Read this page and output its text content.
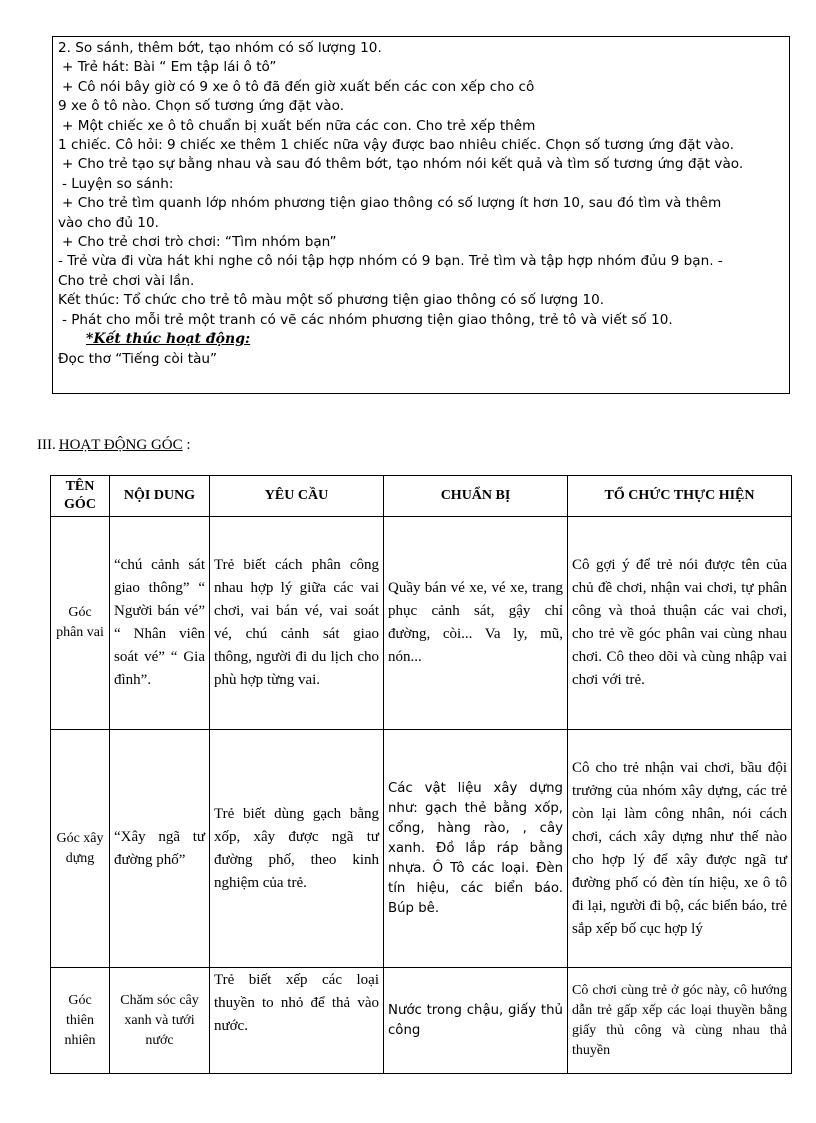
2. So sánh, thêm bớt, tạo nhóm có số lượng 10.
+ Trẻ hát: Bài “ Em tập lái ô tô”
+ Cô nói bây giờ có 9 xe ô tô đã đến giờ xuất bến các con xếp cho cô
9 xe ô tô nào. Chọn số tương ứng đặt vào.
+ Một chiếc xe ô tô chuẩn bị xuất bến nữa các con. Cho trẻ xếp thêm
1 chiếc. Cô hỏi: 9 chiếc xe thêm 1 chiếc nữa vậy được bao nhiêu chiếc. Chọn số tương ứng đặt vào.
+ Cho trẻ tạo sự bằng nhau và sau đó thêm bớt, tạo nhóm nói kết quả và tìm số tương ứng đặt vào.
- Luyện so sánh:
+ Cho trẻ tìm quanh lớp nhóm phương tiện giao thông có số lượng ít hơn 10, sau đó tìm và thêm
vào cho đủ 10.
+ Cho trẻ chơi trò chơi: “Tìm nhóm bạn”
- Trẻ vừa đi vừa hát khi nghe cô nói tập hợp nhóm có 9 bạn. Trẻ tìm và tập hợp nhóm đủu 9 bạn. -
Cho trẻ chơi vài lần.
Kết thúc: Tổ chức cho trẻ tô màu một số phương tiện giao thông có số lượng 10.
- Phát cho mỗi trẻ một tranh có vẽ các nhóm phương tiện giao thông, trẻ tô và viết số 10.
*Kết thúc hoạt động:
Đọc thơ “Tiếng còi tàu”
III. HOẠT ĐỘNG GÓC :
TÊN GÓC	NỘI DUNG	YÊU CẦU	CHUẨN BỊ	TỔ CHỨC THỰC HIỆN
Góc phân vai	“chú cảnh sát giao thông” “ Người bán vé” “ Nhân viên soát vé” “ Gia đình”.	Trẻ biết cách phân công nhau hợp lý giữa các vai chơi, vai bán vé, vai soát vé, chú cảnh sát giao thông, người đi du lịch cho phù hợp từng vai.	Quầy bán vé xe, vé xe, trang phục cảnh sát, gậy chỉ đường, còi... Va ly, mũ, nón...	Cô gợi ý để trẻ nói được tên của chủ đề chơi, nhận vai chơi, tự phân công và thoả thuận các vai chơi, cho trẻ về góc phân vai cùng nhau chơi. Cô theo dõi và cùng nhập vai chơi với trẻ.
Góc xây dựng	“Xây ngã tư đường phố”	Trẻ biết dùng gạch bằng xốp, xây được ngã tư đường phố, theo kinh nghiệm của trẻ.	Các vật liệu xây dựng như: gạch thẻ bằng xốp, cổng, hàng rào, , cây xanh. Đồ lắp ráp bằng nhựa. Ô Tô các loại. Đèn tín hiệu, các biển báo. Búp bê.	Cô cho trẻ nhận vai chơi, bầu đội trưởng của nhóm xây dựng, các trẻ còn lại làm công nhân, nói cách chơi, cách xây dựng như thế nào cho hợp lý để xây được ngã tư đường phố có đèn tín hiệu, xe ô tô đi lại, người đi bộ, các biển báo, trẻ sắp xếp bố cục hợp lý
Góc thiên nhiên	Chăm sóc cây xanh và tưới nước	Trẻ biết xếp các loại thuyền to nhỏ để thả vào nước.	Nước trong chậu, giấy thủ công	Cô chơi cùng trẻ ở góc này, cô hướng dẫn trẻ gấp xếp các loại thuyền bằng giấy thủ công và cùng nhau thả thuyền
